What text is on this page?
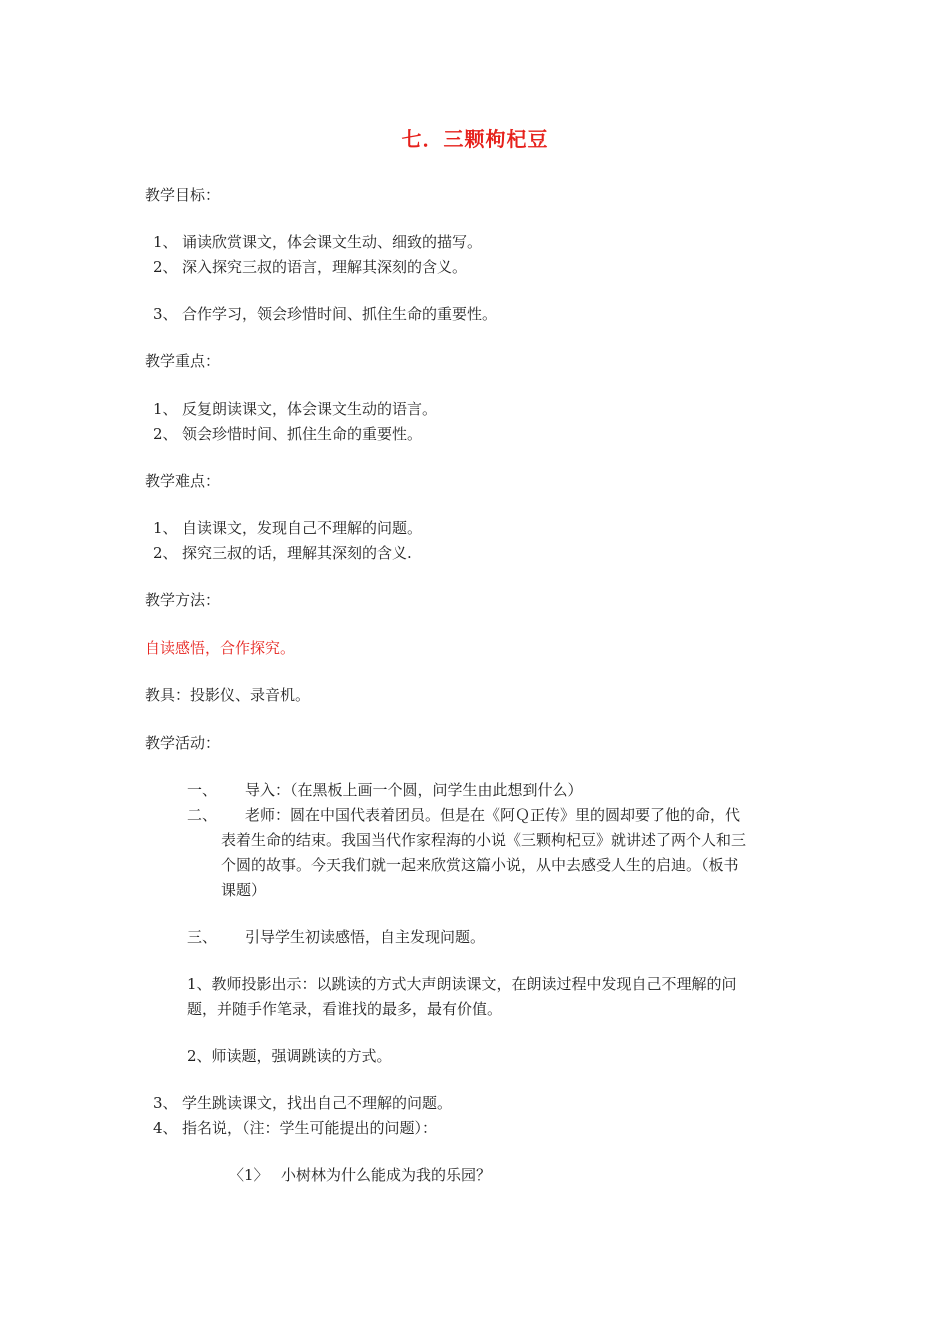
七．三颗枸杞豆
教学目标：
1、 诵读欣赏课文，体会课文生动、细致的描写。
2、 深入探究三叔的语言，理解其深刻的含义。
3、 合作学习，领会珍惜时间、抓住生命的重要性。
教学重点：
1、 反复朗读课文，体会课文生动的语言。
2、 领会珍惜时间、抓住生命的重要性。
教学难点：
1、 自读课文，发现自己不理解的问题。
2、 探究三叔的话，理解其深刻的含义.
教学方法：
自读感悟，合作探究。
教具：投影仪、录音机。
教学活动：
一、 导入：（在黑板上画一个圆，问学生由此想到什么）
二、 老师：圆在中国代表着团员。但是在《阿Ｑ正传》里的圆却要了他的命，代
表着生命的结束。我国当代作家程海的小说《三颗枸杞豆》就讲述了两个人和三
个圆的故事。今天我们就一起来欣赏这篇小说，从中去感受人生的启迪。（板书
课题）
三、 引导学生初读感悟，自主发现问题。
1、教师投影出示：以跳读的方式大声朗读课文，在朗读过程中发现自己不理解的问
题，并随手作笔录，看谁找的最多，最有价值。
2、师读题，强调跳读的方式。
3、 学生跳读课文，找出自己不理解的问题。
4、 指名说，（注：学生可能提出的问题）：
〈1〉 小树林为什么能成为我的乐园？
